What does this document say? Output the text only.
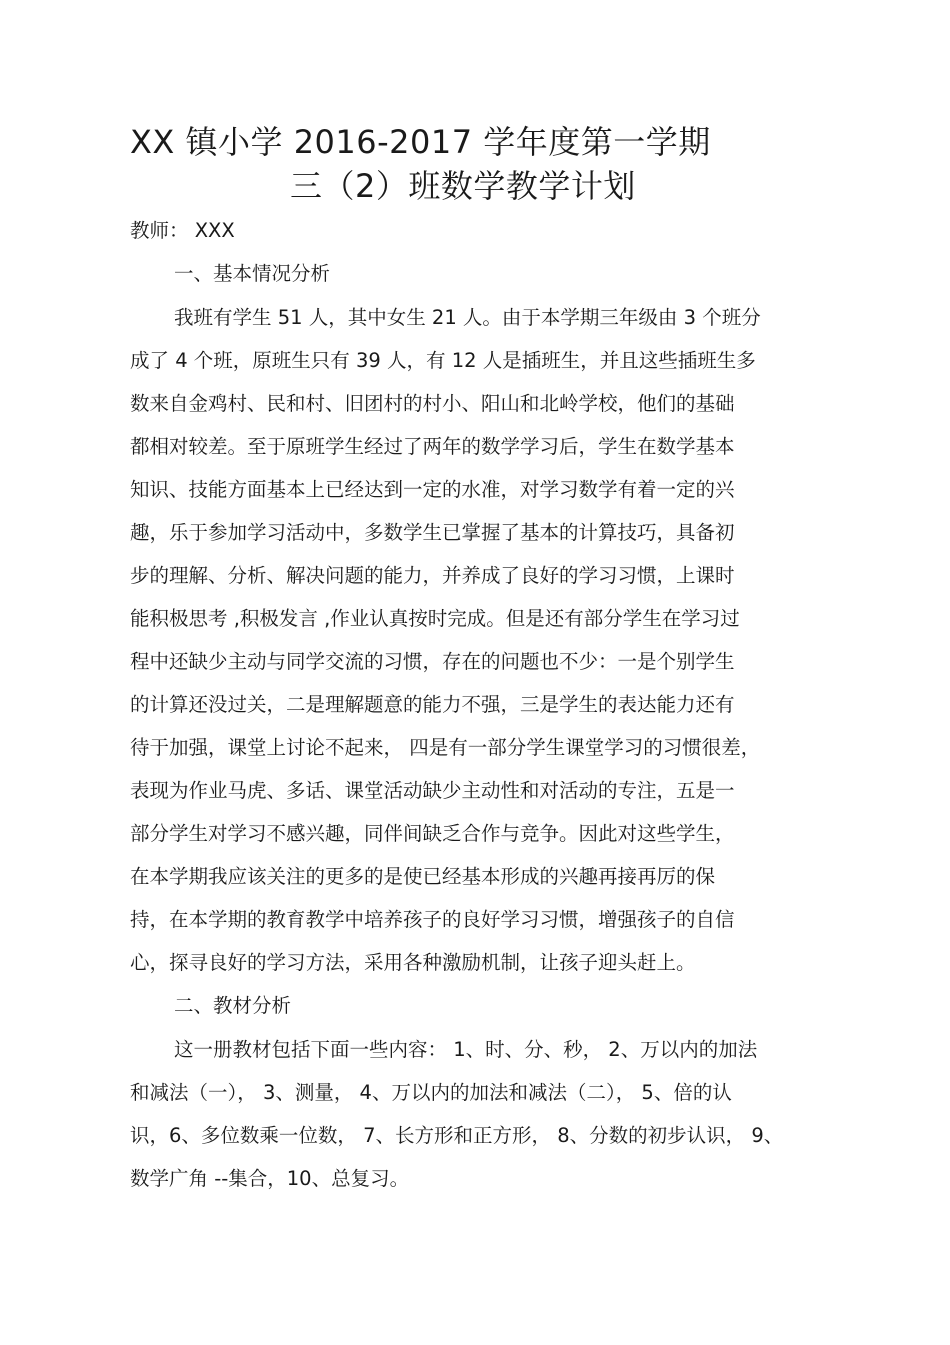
XX 镇小学 2016-2017 学年度第一学期
三（2）班数学教学计划
教师： XXX
一、基本情况分析
我班有学生 51 人，其中女生 21 人。由于本学期三年级由 3 个班分
成了 4 个班，原班生只有 39 人，有 12 人是插班生，并且这些插班生多
数来自金鸡村、民和村、旧团村的村小、阳山和北岭学校，他们的基础
都相对较差。至于原班学生经过了两年的数学学习后，学生在数学基本
知识、技能方面基本上已经达到一定的水准，对学习数学有着一定的兴
趣，乐于参加学习活动中，多数学生已掌握了基本的计算技巧，具备初
步的理解、分析、解决问题的能力，并养成了良好的学习习惯，上课时
能积极思考 ,积极发言 ,作业认真按时完成。但是还有部分学生在学习过
程中还缺少主动与同学交流的习惯，存在的问题也不少：一是个别学生
的计算还没过关，二是理解题意的能力不强，三是学生的表达能力还有
待于加强，课堂上讨论不起来， 四是有一部分学生课堂学习的习惯很差，
表现为作业马虎、多话、课堂活动缺少主动性和对活动的专注，五是一
部分学生对学习不感兴趣，同伴间缺乏合作与竞争。因此对这些学生，
在本学期我应该关注的更多的是使已经基本形成的兴趣再接再厉的保
持，在本学期的教育教学中培养孩子的良好学习习惯，增强孩子的自信
心，探寻良好的学习方法，采用各种激励机制，让孩子迎头赶上。
二、教材分析
这一册教材包括下面一些内容： 1、时、分、秒， 2、万以内的加法
和减法（一）， 3、测量， 4、万以内的加法和减法（二）， 5、倍的认
识，6、多位数乘一位数， 7、长方形和正方形， 8、分数的初步认识， 9、
数学广角 --集合，10、总复习。
